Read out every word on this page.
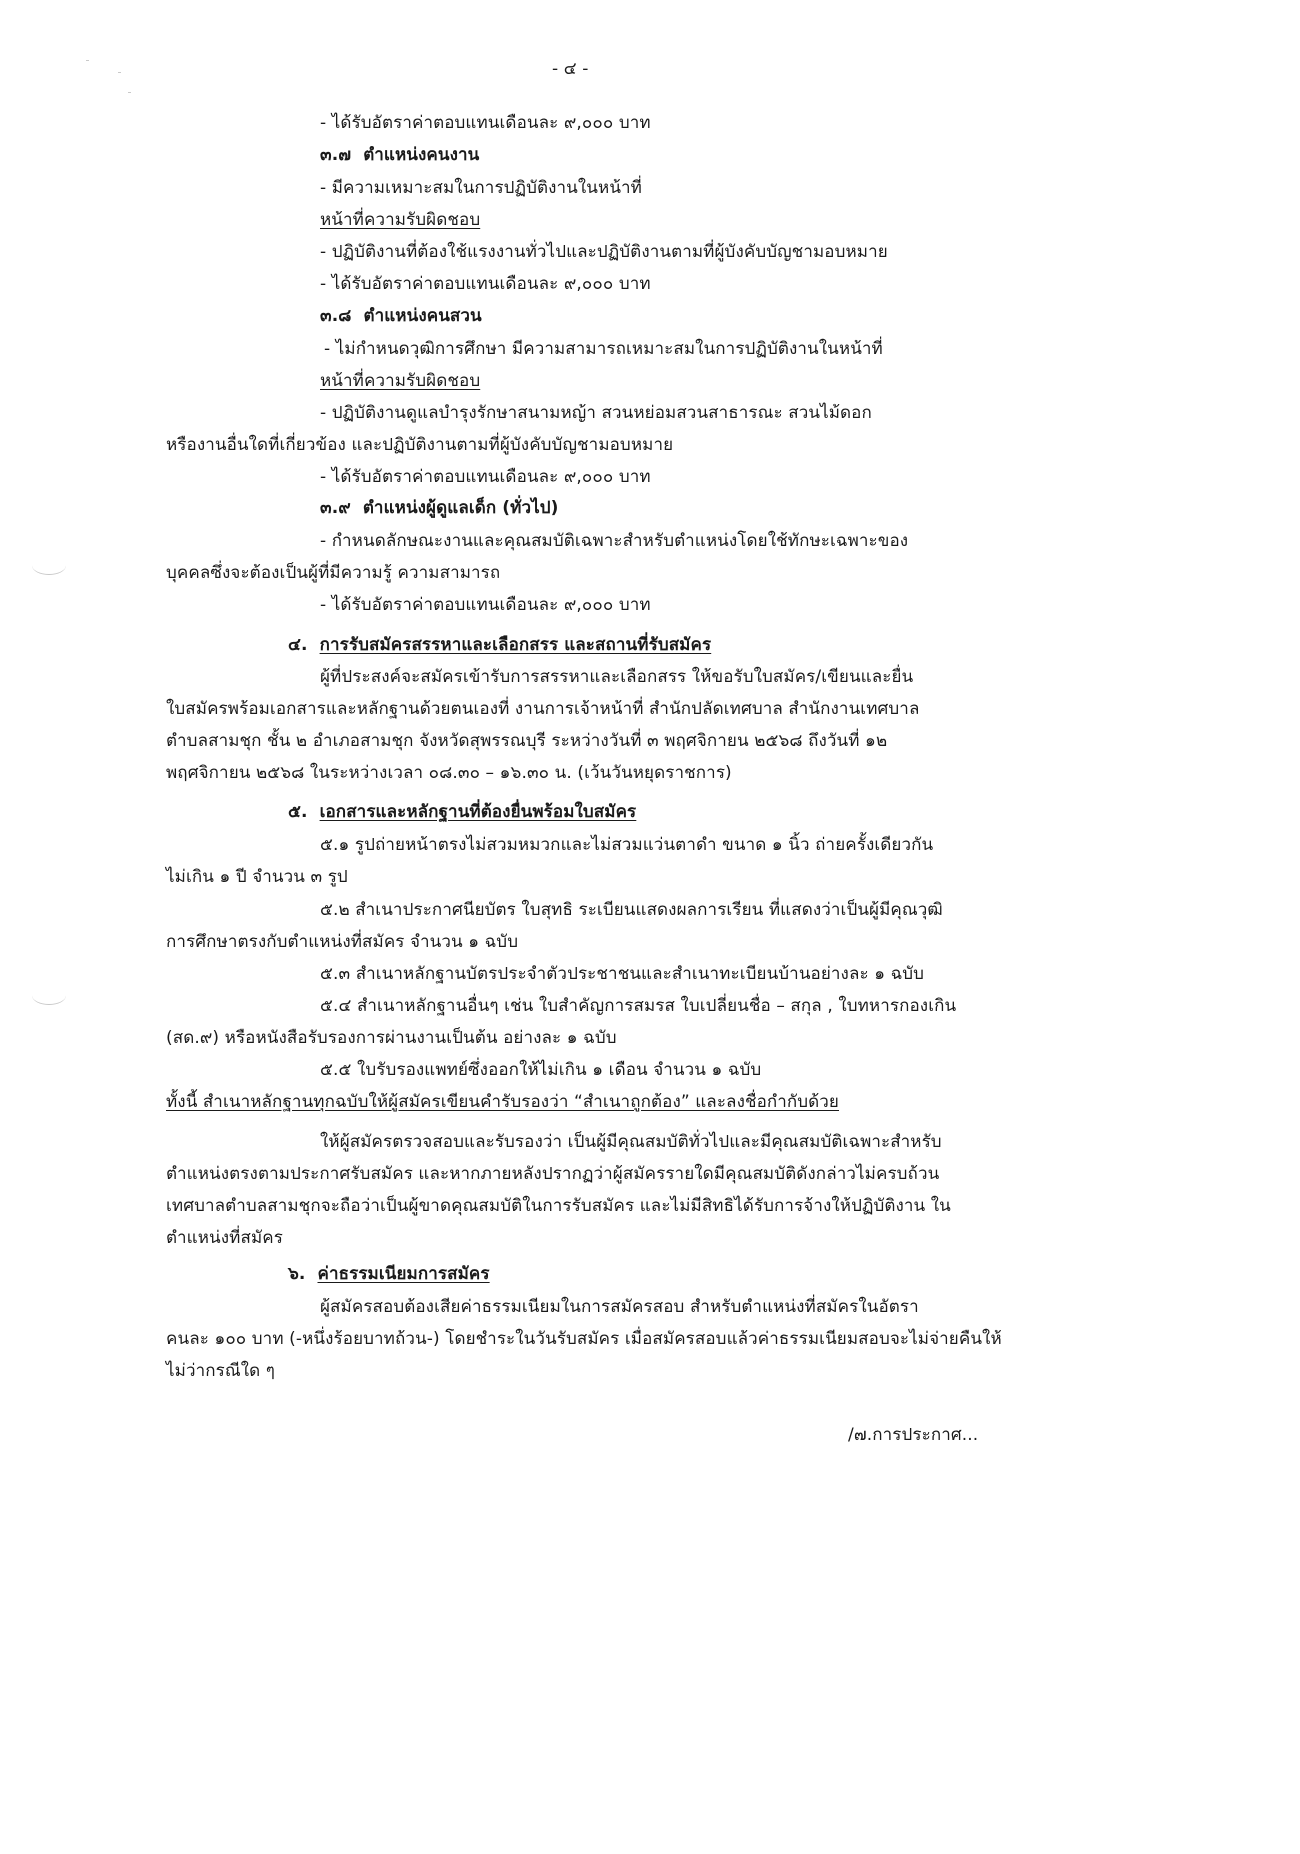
- ๔ -
- ได้รับอัตราค่าตอบแทนเดือนละ ๙,๐๐๐ บาท
๓.๗ ตำแหน่งคนงาน
- มีความเหมาะสมในการปฏิบัติงานในหน้าที่
หน้าที่ความรับผิดชอบ
- ปฏิบัติงานที่ต้องใช้แรงงานทั่วไปและปฏิบัติงานตามที่ผู้บังคับบัญชามอบหมาย
- ได้รับอัตราค่าตอบแทนเดือนละ ๙,๐๐๐ บาท
๓.๘ ตำแหน่งคนสวน
- ไม่กำหนดวุฒิการศึกษา มีความสามารถเหมาะสมในการปฏิบัติงานในหน้าที่
หน้าที่ความรับผิดชอบ
- ปฏิบัติงานดูแลบำรุงรักษาสนามหญ้า สวนหย่อมสวนสาธารณะ สวนไม้ดอก
หรืองานอื่นใดที่เกี่ยวข้อง และปฏิบัติงานตามที่ผู้บังคับบัญชามอบหมาย
- ได้รับอัตราค่าตอบแทนเดือนละ ๙,๐๐๐ บาท
๓.๙ ตำแหน่งผู้ดูแลเด็ก (ทั่วไป)
- กำหนดลักษณะงานและคุณสมบัติเฉพาะสำหรับตำแหน่งโดยใช้ทักษะเฉพาะของ
บุคคลซึ่งจะต้องเป็นผู้ที่มีความรู้ ความสามารถ
- ได้รับอัตราค่าตอบแทนเดือนละ ๙,๐๐๐ บาท
๔. การรับสมัครสรรหาและเลือกสรร และสถานที่รับสมัคร
ผู้ที่ประสงค์จะสมัครเข้ารับการสรรหาและเลือกสรร ให้ขอรับใบสมัคร/เขียนและยื่น
ใบสมัครพร้อมเอกสารและหลักฐานด้วยตนเองที่ งานการเจ้าหน้าที่ สำนักปลัดเทศบาล สำนักงานเทศบาล
ตำบลสามชุก ชั้น ๒ อำเภอสามชุก จังหวัดสุพรรณบุรี ระหว่างวันที่ ๓ พฤศจิกายน ๒๕๖๘ ถึงวันที่ ๑๒
พฤศจิกายน ๒๕๖๘ ในระหว่างเวลา ๐๘.๓๐ – ๑๖.๓๐ น. (เว้นวันหยุดราชการ)
๕. เอกสารและหลักฐานที่ต้องยื่นพร้อมใบสมัคร
๕.๑ รูปถ่ายหน้าตรงไม่สวมหมวกและไม่สวมแว่นตาดำ ขนาด ๑ นิ้ว ถ่ายครั้งเดียวกัน
ไม่เกิน ๑ ปี จำนวน ๓ รูป
๕.๒ สำเนาประกาศนียบัตร ใบสุทธิ ระเบียนแสดงผลการเรียน ที่แสดงว่าเป็นผู้มีคุณวุฒิ
การศึกษาตรงกับตำแหน่งที่สมัคร จำนวน ๑ ฉบับ
๕.๓ สำเนาหลักฐานบัตรประจำตัวประชาชนและสำเนาทะเบียนบ้านอย่างละ ๑ ฉบับ
๕.๔ สำเนาหลักฐานอื่นๆ เช่น ใบสำคัญการสมรส ใบเปลี่ยนชื่อ – สกุล , ใบทหารกองเกิน
(สด.๙) หรือหนังสือรับรองการผ่านงานเป็นต้น อย่างละ ๑ ฉบับ
๕.๕ ใบรับรองแพทย์ซึ่งออกให้ไม่เกิน ๑ เดือน จำนวน ๑ ฉบับ
ทั้งนี้ สำเนาหลักฐานทุกฉบับให้ผู้สมัครเขียนคำรับรองว่า “สำเนาถูกต้อง” และลงชื่อกำกับด้วย
ให้ผู้สมัครตรวจสอบและรับรองว่า เป็นผู้มีคุณสมบัติทั่วไปและมีคุณสมบัติเฉพาะสำหรับ
ตำแหน่งตรงตามประกาศรับสมัคร และหากภายหลังปรากฏว่าผู้สมัครรายใดมีคุณสมบัติดังกล่าวไม่ครบถ้วน
เทศบาลตำบลสามชุกจะถือว่าเป็นผู้ขาดคุณสมบัติในการรับสมัคร และไม่มีสิทธิได้รับการจ้างให้ปฏิบัติงาน ใน
ตำแหน่งที่สมัคร
๖. ค่าธรรมเนียมการสมัคร
ผู้สมัครสอบต้องเสียค่าธรรมเนียมในการสมัครสอบ สำหรับตำแหน่งที่สมัครในอัตรา
คนละ ๑๐๐ บาท (-หนึ่งร้อยบาทถ้วน-) โดยชำระในวันรับสมัคร เมื่อสมัครสอบแล้วค่าธรรมเนียมสอบจะไม่จ่ายคืนให้
ไม่ว่ากรณีใด ๆ
/๗.การประกาศ...
